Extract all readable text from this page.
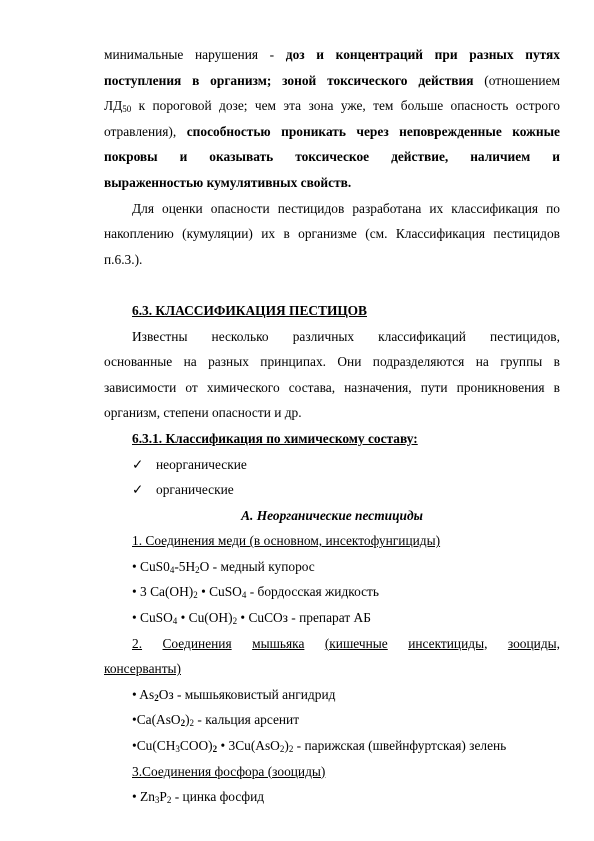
минимальные нарушения - доз и концентраций при разных путях

поступления в организм; зоной токсического действия (отношением

$ЛД_{50}$ к пороговой дозе; чем эта зона уже, тем больше опасность острого

отравления), способностью проникать через неповрежденные кожные

покровы и оказывать токсическое действие, наличием и

выраженностью кумулятивных свойств.

Для оценки опасности пестицидов разработана их классификация по

накоплению (кумуляции) их в организме (см. Классификация пестицидов

п.6.3.).

6.3. КЛАССИФИКАЦИЯ ПЕСТИЦОВ

Известны несколько различных классификаций пестицидов,

основанные на разных принципах. Они подразделяются на группы в

зависимости от химического состава, назначения, пути проникновения в

организм, степени опасности и др.

6.3.1. Классификация по химическому составу:

✓ неорганические

✓ органические

А. Неорганические пестициды

1. Соединения меди (в основном, инсектофунгициды)

• $CuS0_4-5H_2O$ - медный купорос

• 3 $Ca(OH)_2$ • CuSO$_4$ - бордосская жидкость

• CuSO$_4$ • $Cu(OH)_2$ • CuCOз - препарат АБ

2. Соединения мышьяка (кишечные инсектициды, зооциды,

консерванты)

• $As_2Oз$ - мышьяковистый ангидрид

$•Ca(AsO_2)_2$ - кальция арсенит

$•Cu(CH_3COO)_2$ • $3Cu(AsO_2)_2$ - парижская (швейнфуртская) зелень

3.Соединения фосфора (зооциды)

• $Zn_3P_2$ - цинка фосфид
